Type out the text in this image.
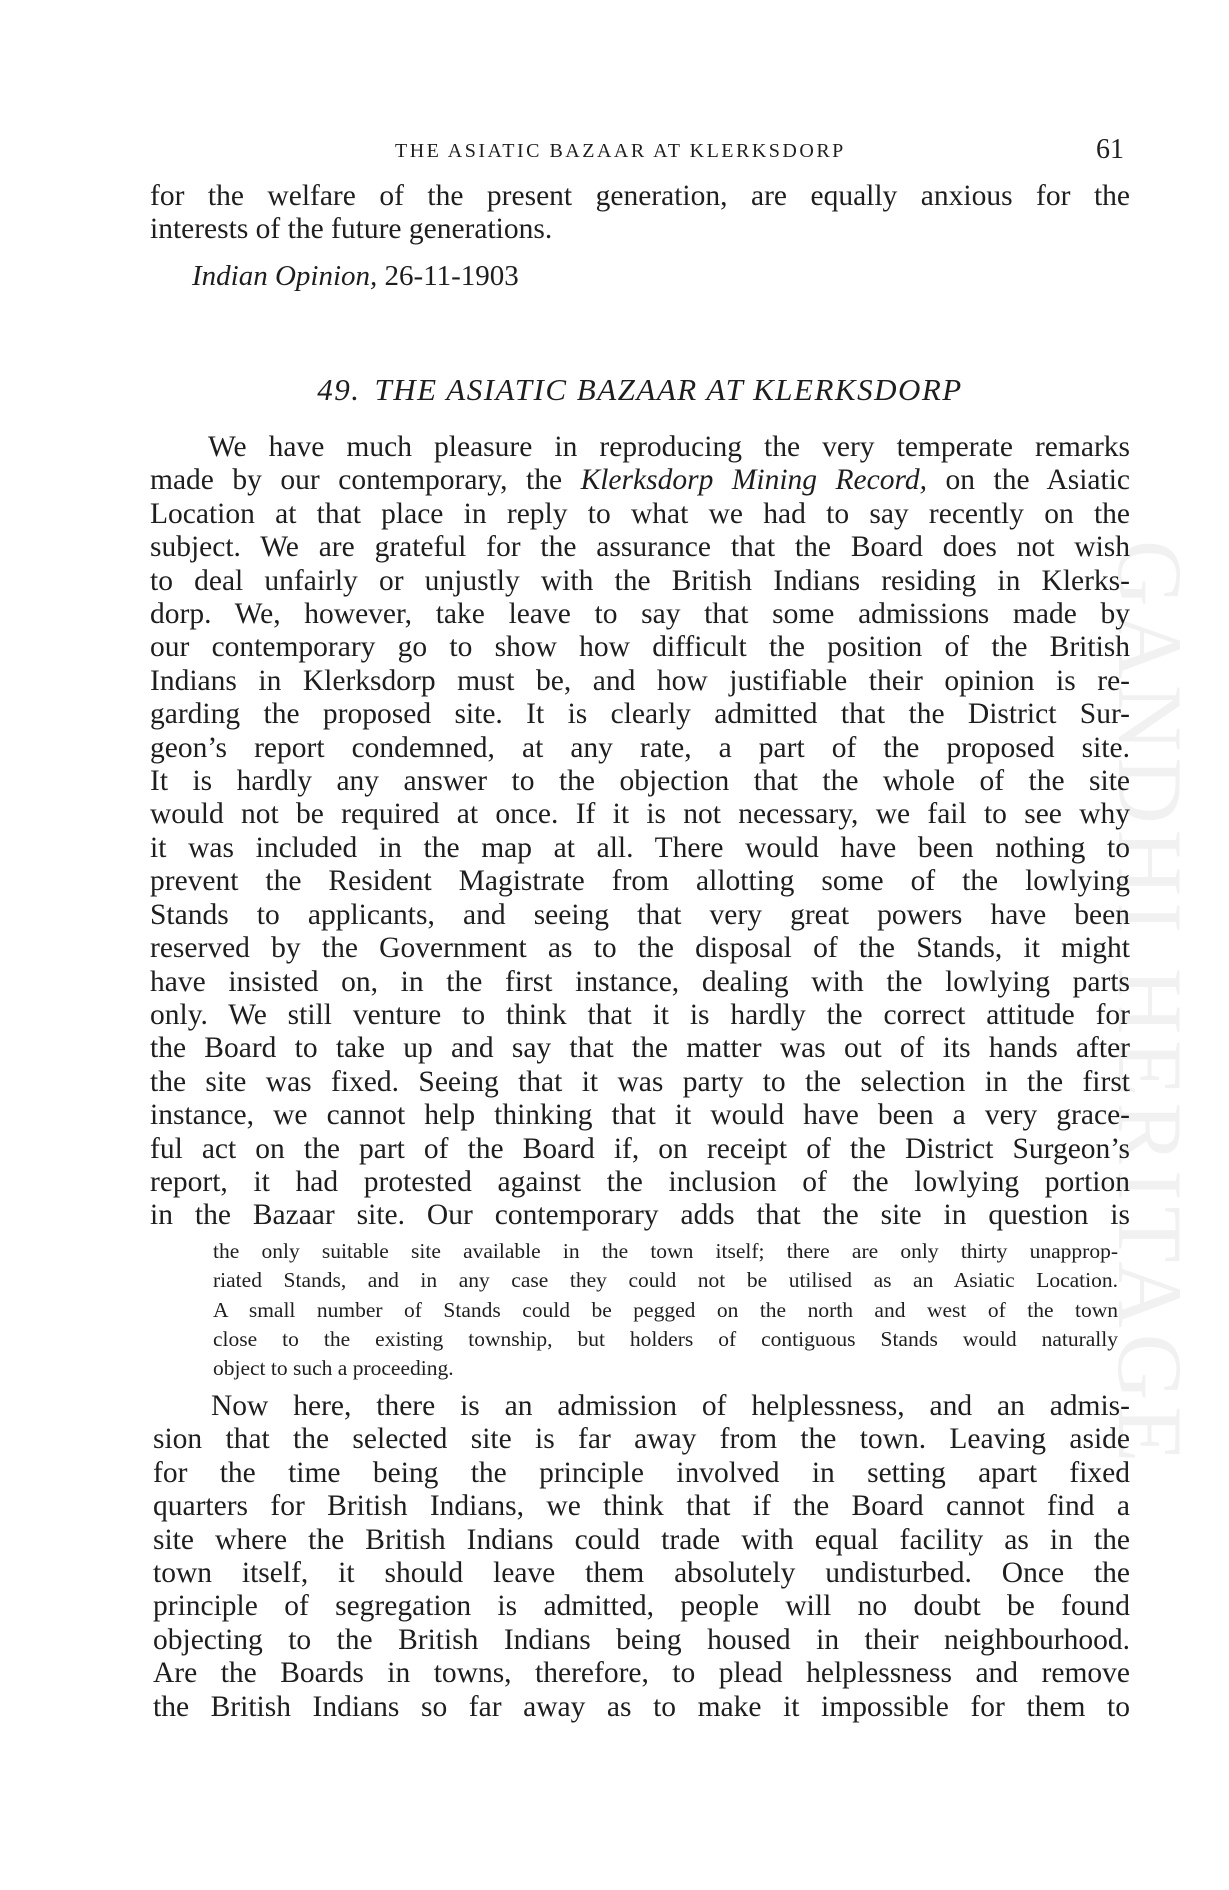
GANDHI HERITAGE
THE ASIATIC BAZAAR AT KLERKSDORP	61

for the welfare of the present generation, are equally anxious for the

interests of the future generations.

Indian Opinion, 26-11-1903
49. THE ASIATIC BAZAAR AT KLERKSDORP

We have much pleasure in reproducing the very temperate remarks

made by our contemporary, the Klerksdorp Mining Record, on the Asiatic

Location at that place in reply to what we had to say recently on the

subject. We are grateful for the assurance that the Board does not wish

to deal unfairly or unjustly with the British Indians residing in Klerks-

dorp. We, however, take leave to say that some admissions made by

our contemporary go to show how difficult the position of the British

Indians in Klerksdorp must be, and how justifiable their opinion is re-

garding the proposed site. It is clearly admitted that the District Sur-

geon’s report condemned, at any rate, a part of the proposed site.

It is hardly any answer to the objection that the whole of the site

would not be required at once. If it is not necessary, we fail to see why

it was included in the map at all. There would have been nothing to

prevent the Resident Magistrate from allotting some of the lowlying

Stands to applicants, and seeing that very great powers have been

reserved by the Government as to the disposal of the Stands, it might

have insisted on, in the first instance, dealing with the lowlying parts

only. We still venture to think that it is hardly the correct attitude for

the Board to take up and say that the matter was out of its hands after

the site was fixed. Seeing that it was party to the selection in the first

instance, we cannot help thinking that it would have been a very grace-

ful act on the part of the Board if, on receipt of the District Surgeon’s

report, it had protested against the inclusion of the lowlying portion

in the Bazaar site. Our contemporary adds that the site in question is

the only suitable site available in the town itself; there are only thirty unapprop-

riated Stands, and in any case they could not be utilised as an Asiatic Location.

A small number of Stands could be pegged on the north and west of the town

close to the existing township, but holders of contiguous Stands would naturally

object to such a proceeding.

Now here, there is an admission of helplessness, and an admis-

sion that the selected site is far away from the town. Leaving aside

for the time being the principle involved in setting apart fixed

quarters for British Indians, we think that if the Board cannot find a

site where the British Indians could trade with equal facility as in the

town itself, it should leave them absolutely undisturbed. Once the

principle of segregation is admitted, people will no doubt be found

objecting to the British Indians being housed in their neighbourhood.

Are the Boards in towns, therefore, to plead helplessness and remove

the British Indians so far away as to make it impossible for them to
